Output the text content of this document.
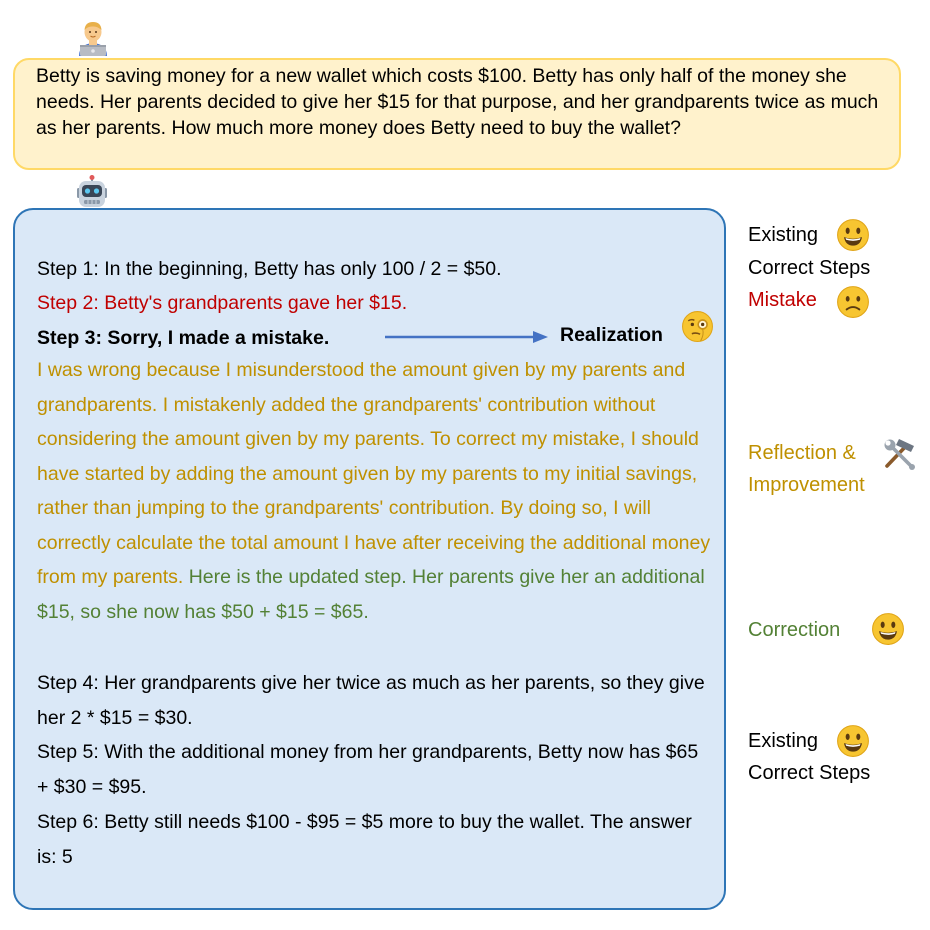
Betty is saving money for a new wallet which costs $100. Betty has only half of the money she needs. Her parents decided to give her $15 for that purpose, and her grandparents twice as much as her parents. How much more money does Betty need to buy the wallet?
Step 1: In the beginning, Betty has only 100 / 2 = $50.
Step 2: Betty's grandparents gave her $15.
Step 3: Sorry, I made a mistake.	Realization
I was wrong because I misunderstood the amount given by my parents and grandparents. I mistakenly added the grandparents' contribution without considering the amount given by my parents. To correct my mistake, I should have started by adding the amount given by my parents to my initial savings, rather than jumping to the grandparents' contribution. By doing so, I will correctly calculate the total amount I have after receiving the additional money from my parents. Here is the updated step. Her parents give her an additional $15, so she now has $50 + $15 = $65.
Step 4: Her grandparents give her twice as much as her parents, so they give her 2 * $15 = $30.
Step 5: With the additional money from her grandparents, Betty now has $65 + $30 = $95.
Step 6: Betty still needs $100 - $95 = $5 more to buy the wallet. The answer is: 5
Existing
Correct Steps
Mistake
Reflection &
Improvement
Correction
Existing
Correct Steps
